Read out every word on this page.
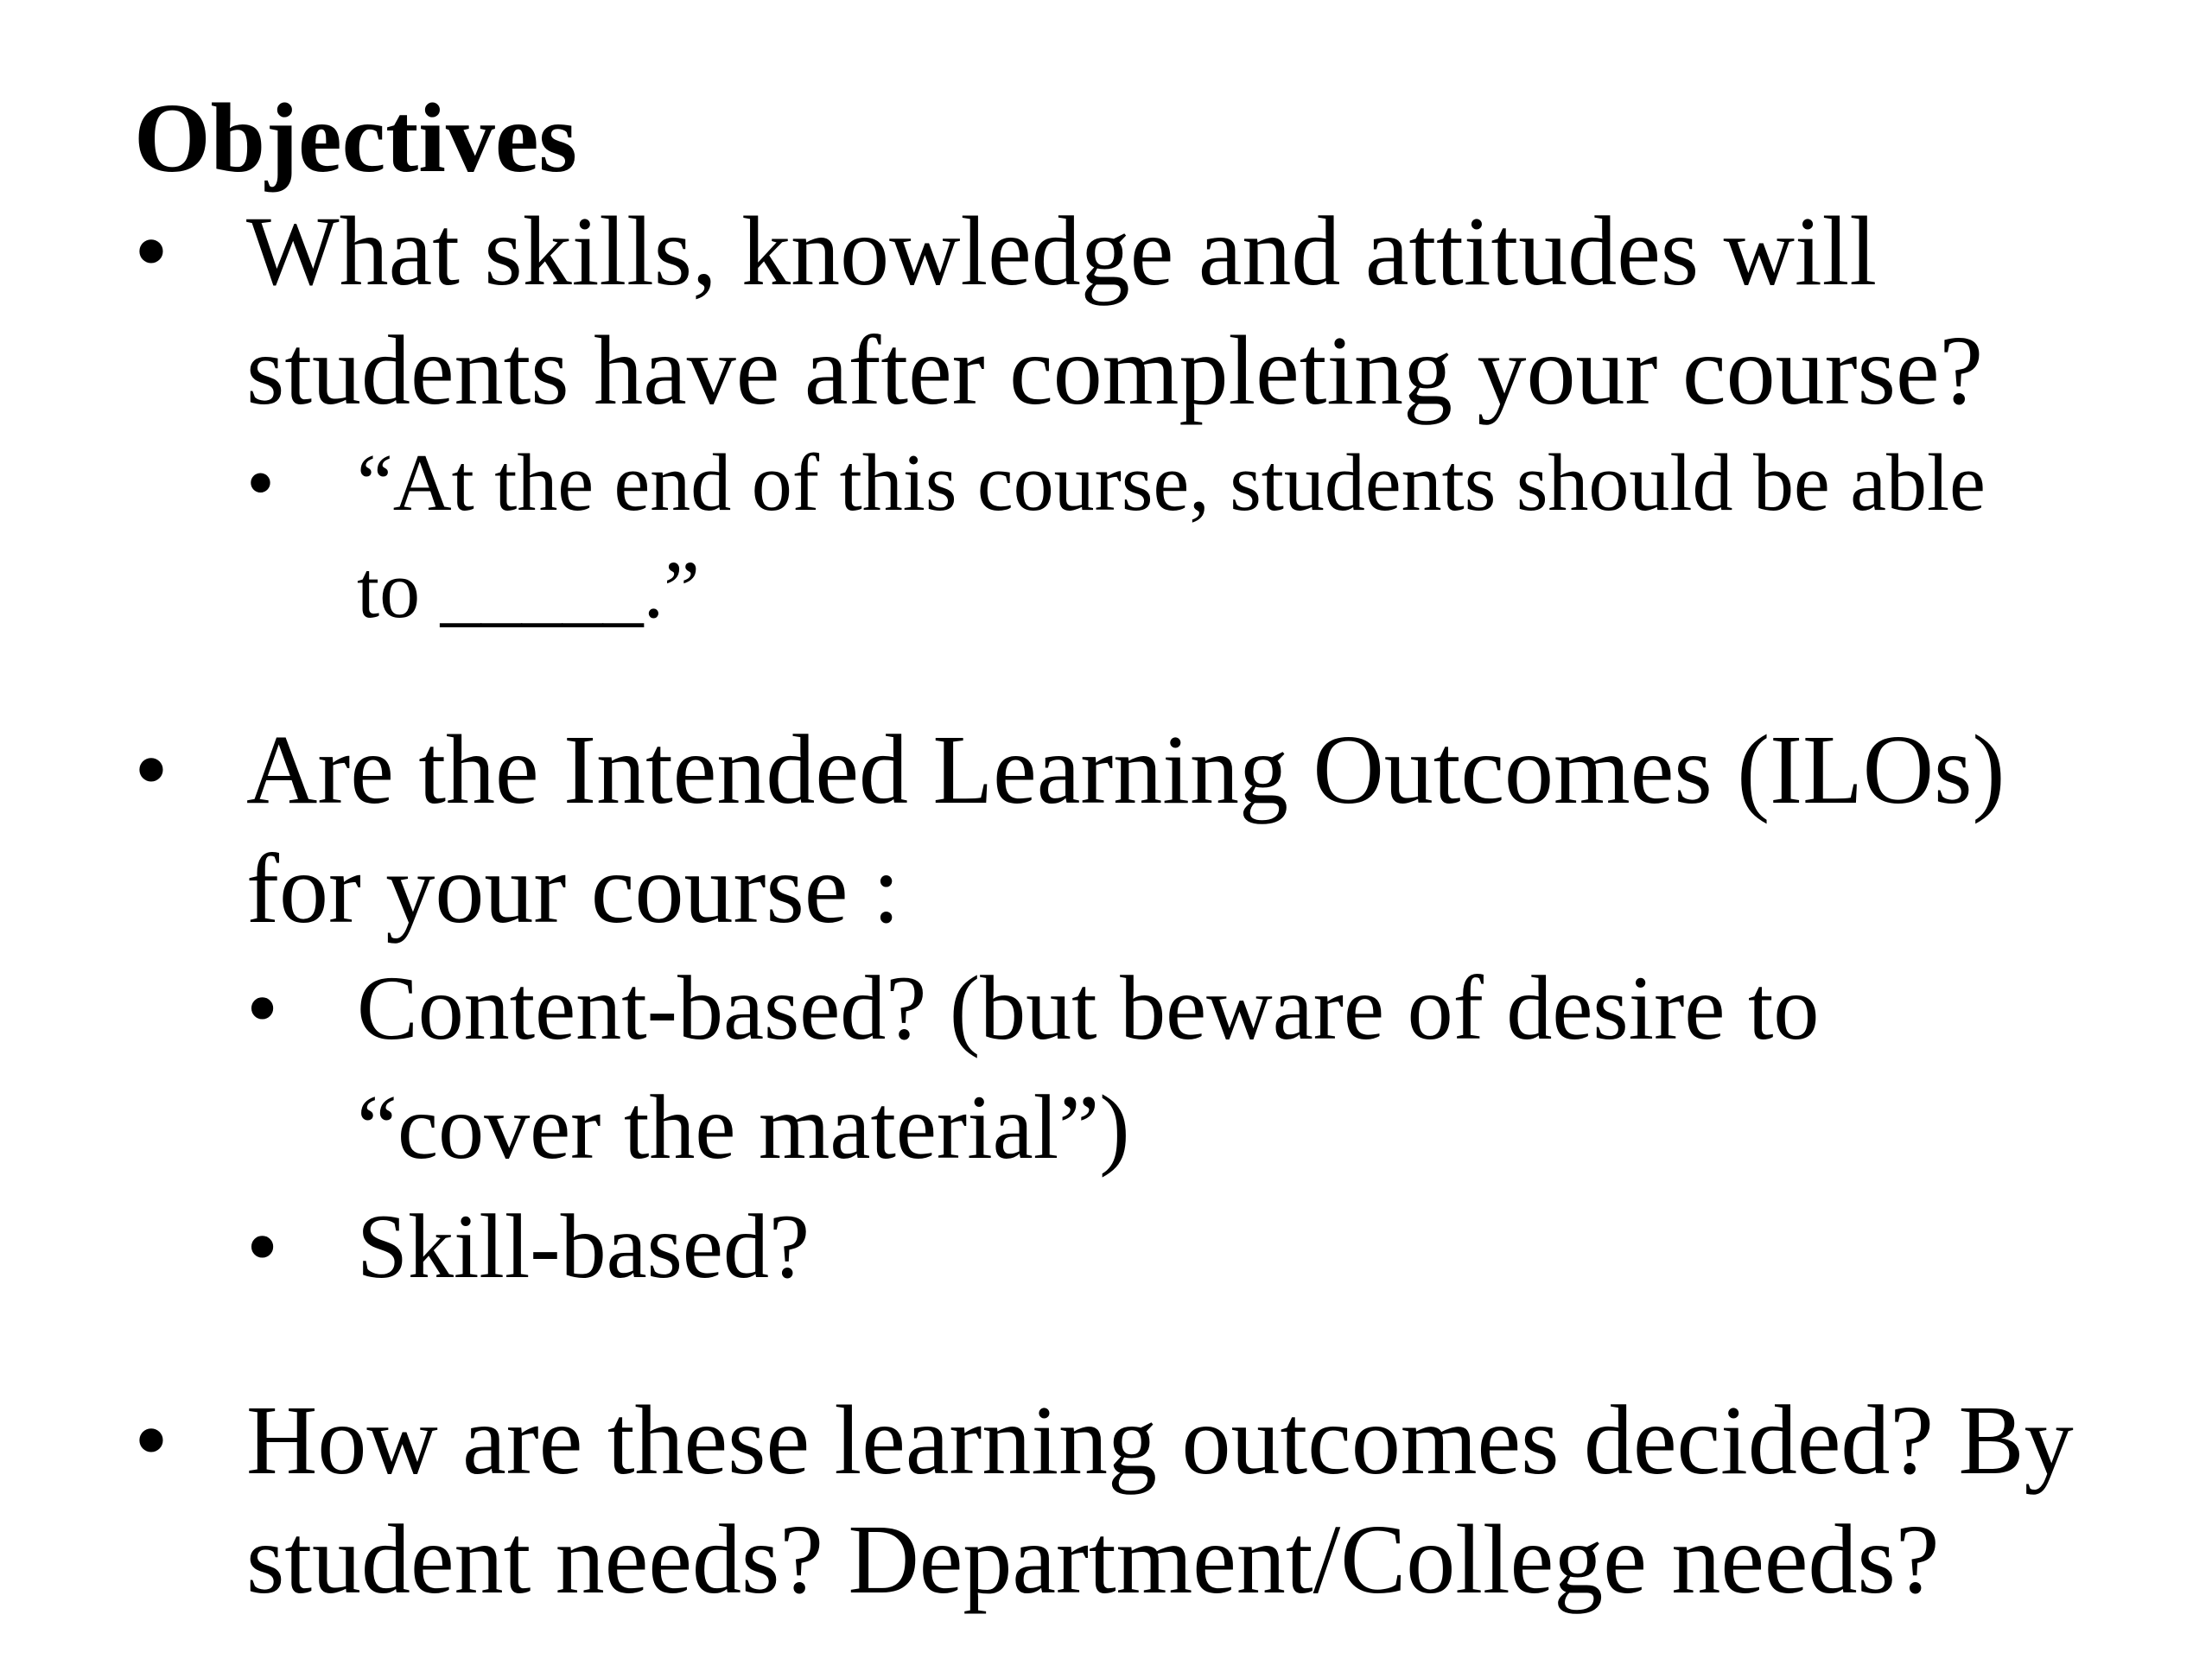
Objectives
• What skills, knowledge and attitudes will
students have after completing your course?
• “At the end of this course, students should be able
to _____.”
• Are the Intended Learning Outcomes (ILOs)
for your course :
• Content-based? (but beware of desire to
“cover the material”)
• Skill-based?
• How are these learning outcomes decided? By
student needs? Department/College needs?
